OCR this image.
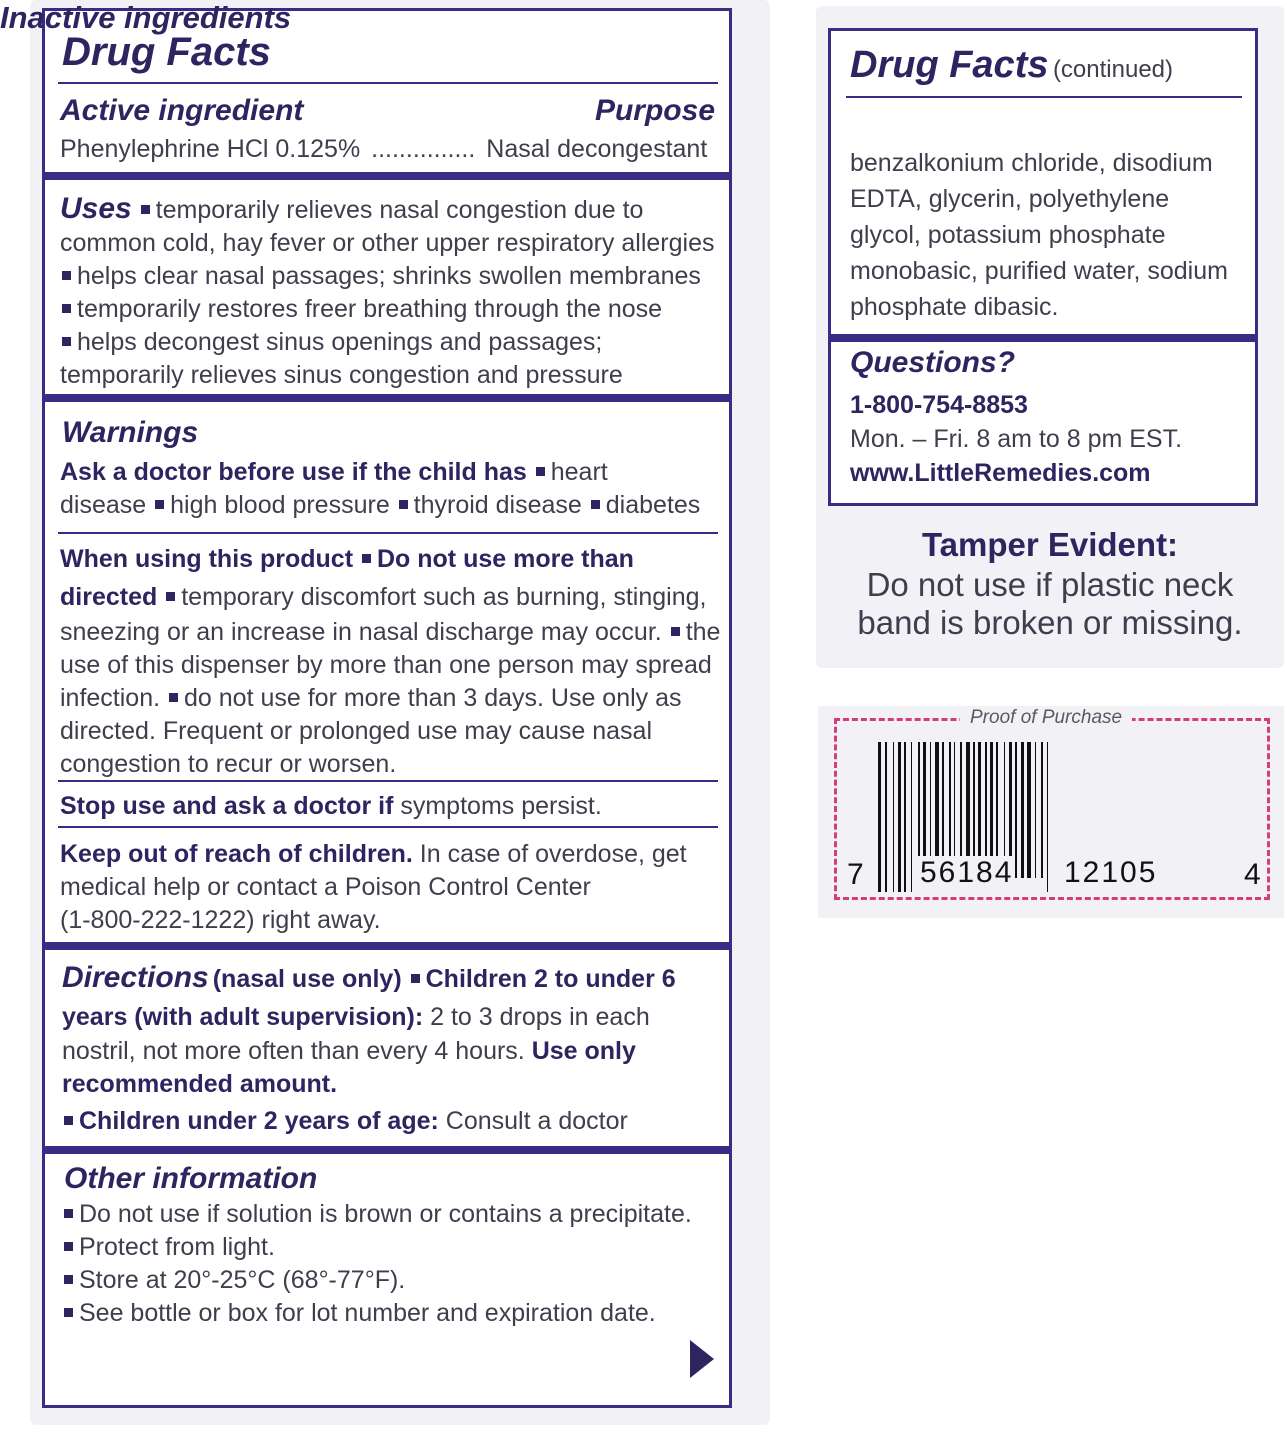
Drug Facts
Active ingredient	Purpose
Phenylephrine HCl 0.125% ............... Nasal decongestant
Uses temporarily relieves nasal congestion due to
common cold, hay fever or other upper respiratory allergies
helps clear nasal passages; shrinks swollen membranes
temporarily restores freer breathing through the nose
helps decongest sinus openings and passages;
temporarily relieves sinus congestion and pressure
Warnings
Ask a doctor before use if the child has heart
disease high blood pressure thyroid disease diabetes
When using this product Do not use more than
directed temporary discomfort such as burning, stinging,
sneezing or an increase in nasal discharge may occur. the
use of this dispenser by more than one person may spread
infection. do not use for more than 3 days. Use only as
directed. Frequent or prolonged use may cause nasal
congestion to recur or worsen.
Stop use and ask a doctor if symptoms persist.
Keep out of reach of children. In case of overdose, get
medical help or contact a Poison Control Center
(1-800-222-1222) right away.
Directions (nasal use only) Children 2 to under 6
years (with adult supervision): 2 to 3 drops in each
nostril, not more often than every 4 hours. Use only
recommended amount.
Children under 2 years of age: Consult a doctor
Other information
Do not use if solution is brown or contains a precipitate.
Protect from light.
Store at 20°-25°C (68°-77°F).
See bottle or box for lot number and expiration date.
Drug Facts (continued)
Inactive ingredients
benzalkonium chloride, disodium
EDTA, glycerin, polyethylene
glycol, potassium phosphate
monobasic, purified water, sodium
phosphate dibasic.
Questions?
1-800-754-8853
Mon. – Fri. 8 am to 8 pm EST.
www.LittleRemedies.com
Tamper Evident:
Do not use if plastic neck
band is broken or missing.
Proof of Purchase
7 56184 12105	4
